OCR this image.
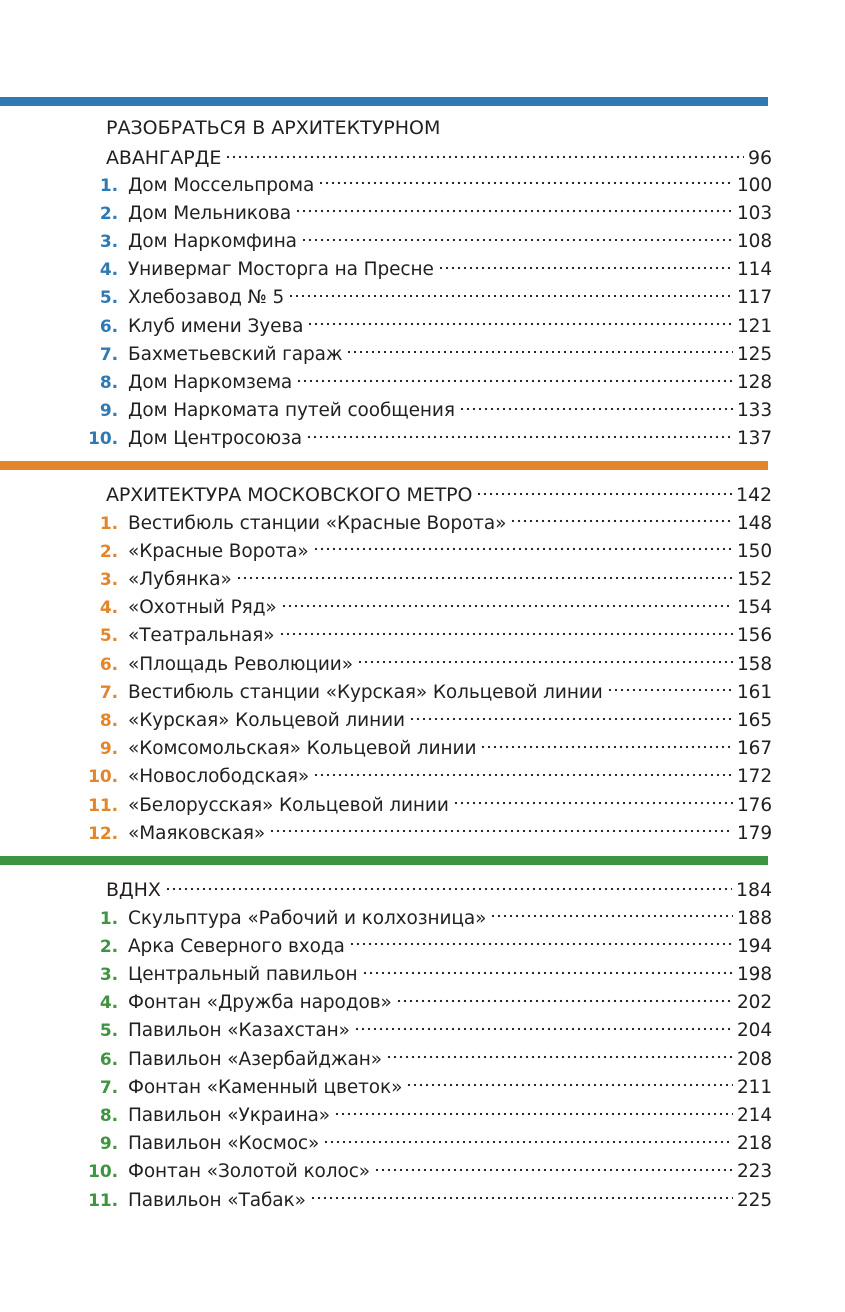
РАЗОБРАТЬСЯ В АРХИТЕКТУРНОМ
АВАНГАРДЕ	96
1. Дом Моссельпрома	100
2. Дом Мельникова	103
3. Дом Наркомфина	108
4. Универмаг Мосторга на Пресне	114
5. Хлебозавод № 5	117
6. Клуб имени Зуева	121
7. Бахметьевский гараж	125
8. Дом Наркомзема	128
9. Дом Наркомата путей сообщения	133
10. Дом Центросоюза	137
АРХИТЕКТУРА МОСКОВСКОГО МЕТРО	142
1. Вестибюль станции «Красные Ворота»	148
2. «Красные Ворота»	150
3. «Лубянка»	152
4. «Охотный Ряд»	154
5. «Театральная»	156
6. «Площадь Революции»	158
7. Вестибюль станции «Курская» Кольцевой линии	161
8. «Курская» Кольцевой линии	165
9. «Комсомольская» Кольцевой линии	167
10. «Новослободская»	172
11. «Белорусская» Кольцевой линии	176
12. «Маяковская»	179
ВДНХ	184
1. Скульптура «Рабочий и колхозница»	188
2. Арка Северного входа	194
3. Центральный павильон	198
4. Фонтан «Дружба народов»	202
5. Павильон «Казахстан»	204
6. Павильон «Азербайджан»	208
7. Фонтан «Каменный цветок»	211
8. Павильон «Украина»	214
9. Павильон «Космос»	218
10. Фонтан «Золотой колос»	223
11. Павильон «Табак»	225
